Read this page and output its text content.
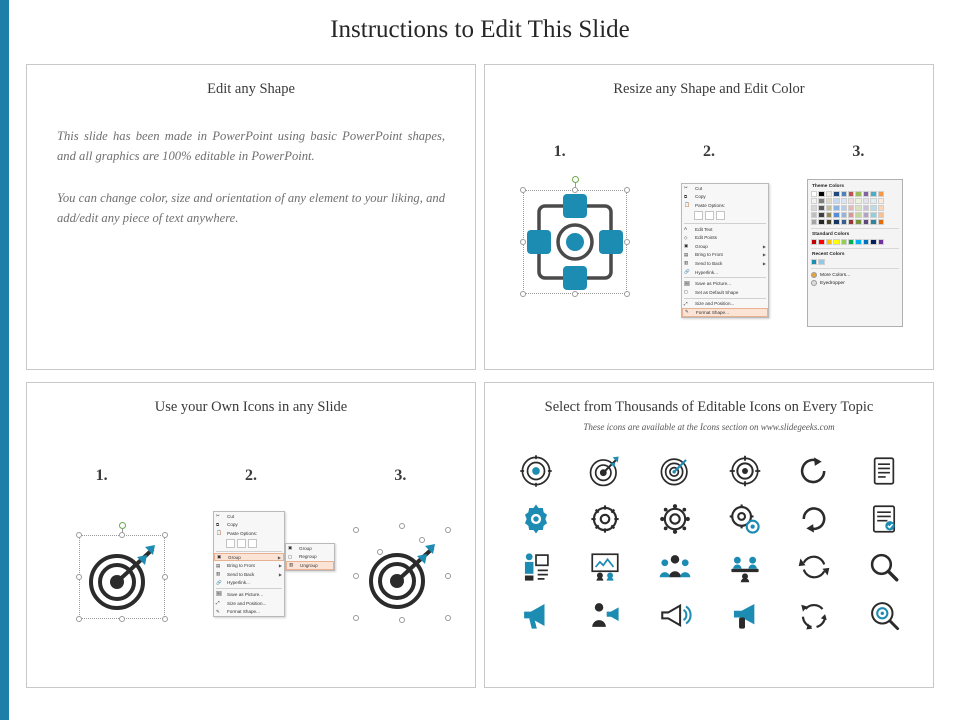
Instructions to Edit This Slide
Edit any Shape
This slide has been made in PowerPoint using basic PowerPoint shapes, and all graphics are 100% editable in PowerPoint.
You can change color, size and orientation of any element to your liking, and add/edit any piece of text anywhere.
Resize any Shape and Edit Color
1.	2.	3.
✂	Cut
⧉	Copy
📋	Paste Options:
A	Edit Text
◇	Edit Points
▣	Group	▶
▤	Bring to Front	▶
▥	Send to Back	▶
🔗	Hyperlink...
🖼	Save as Picture...
◻	Set as Default Shape
⤢	Size and Position...
✎	Format Shape...
Theme Colors
Standard Colors
Recent Colors
More Colors...
Eyedropper
Use your Own Icons in any Slide
1.	2.	3.
✂	Cut
⧉	Copy
📋	Paste Options:
▣	Group	▶
▤	Bring to Front	▶
▥	Send to Back	▶
🔗	Hyperlink...
🖼	Save as Picture...
⤢	Size and Position...
✎	Format Shape...
▣	Group
▢	Regroup
▥	Ungroup
Select from Thousands of Editable Icons on Every Topic
These icons are available at the Icons section on www.slidegeeks.com
